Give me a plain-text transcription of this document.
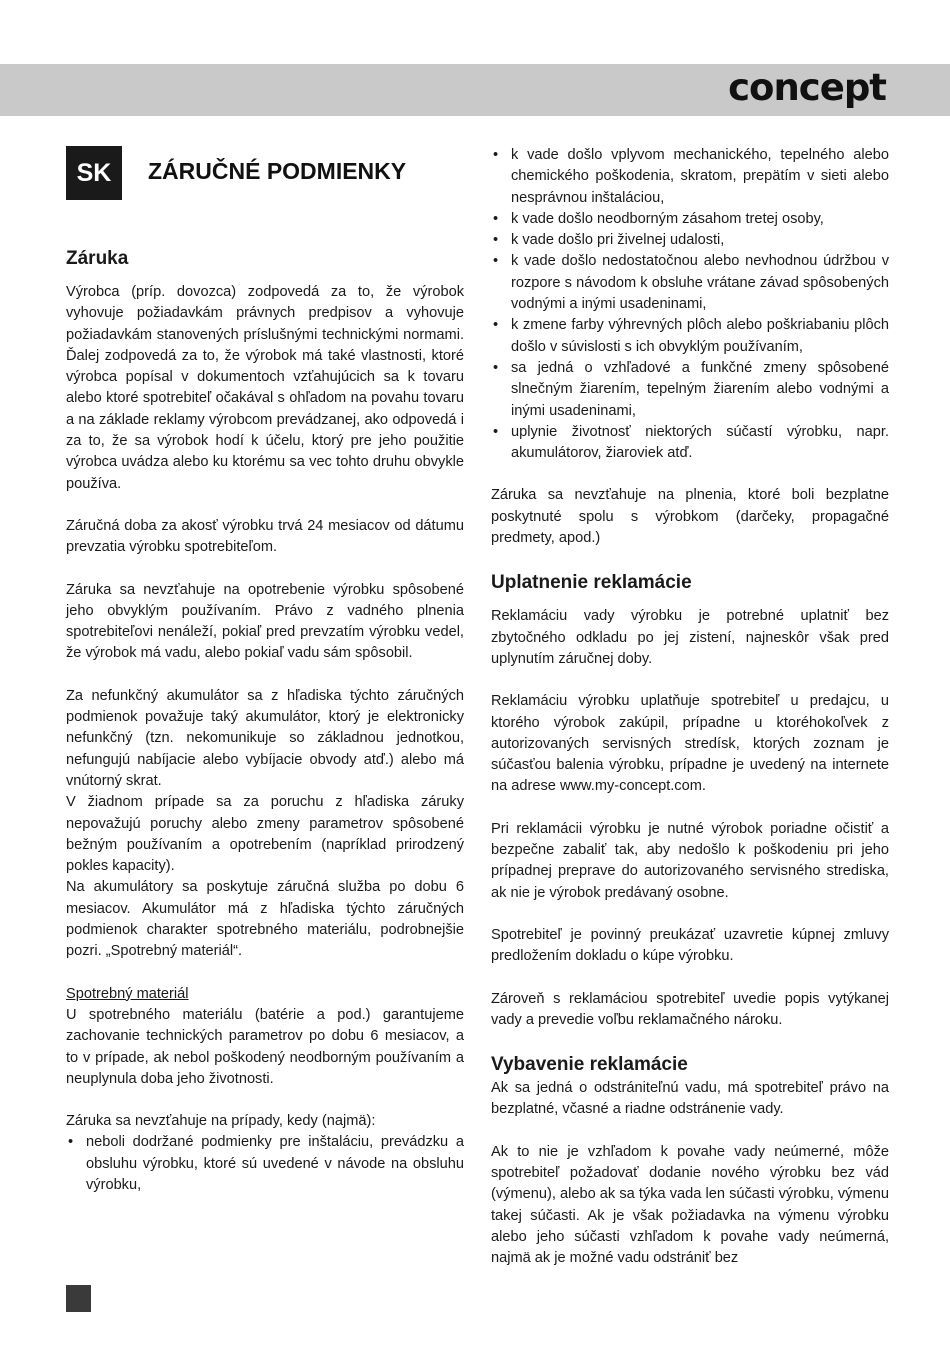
concept
SK	ZÁRUČNÉ PODMIENKY
Záruka

Výrobca (príp. dovozca) zodpovedá za to, že výrobok vyhovuje požiadavkám právnych predpisov a vyhovuje požiadavkám stanovených príslušnými technickými normami. Ďalej zodpovedá za to, že výrobok má také vlastnosti, ktoré výrobca popísal v dokumentoch vzťahujúcich sa k tovaru alebo ktoré spotrebiteľ očakával s ohľadom na povahu tovaru a na základe reklamy výrobcom prevádzanej, ako odpovedá i za to, že sa výrobok hodí k účelu, ktorý pre jeho použitie výrobca uvádza alebo ku ktorému sa vec tohto druhu obvykle používa.

Záručná doba za akosť výrobku trvá 24 mesiacov od dátumu prevzatia výrobku spotrebiteľom.

Záruka sa nevzťahuje na opotrebenie výrobku spôsobené jeho obvyklým používaním. Právo z vadného plnenia spotrebiteľovi nenáleží, pokiaľ pred prevzatím výrobku vedel, že výrobok má vadu, alebo pokiaľ vadu sám spôsobil.

Za nefunkčný akumulátor sa z hľadiska týchto záručných podmienok považuje taký akumulátor, ktorý je elektronicky nefunkčný (tzn. nekomunikuje so základnou jednotkou, nefungujú nabíjacie alebo vybíjacie obvody atď.) alebo má vnútorný skrat.

V žiadnom prípade sa za poruchu z hľadiska záruky nepovažujú poruchy alebo zmeny parametrov spôsobené bežným používaním a opotrebením (napríklad prirodzený pokles kapacity).

Na akumulátory sa poskytuje záručná služba po dobu 6 mesiacov. Akumulátor má z hľadiska týchto záručných podmienok charakter spotrebného materiálu, podrobnejšie pozri. „Spotrebný materiál“.

Spotrebný materiál

U spotrebného materiálu (batérie a pod.) garantujeme zachovanie technických parametrov po dobu 6 mesiacov, a to v prípade, ak nebol poškodený neodborným používaním a neuplynula doba jeho životnosti.

Záruka sa nevzťahuje na prípady, kedy (najmä):

• neboli dodržané podmienky pre inštaláciu, prevádzku a obsluhu výrobku, ktoré sú uvedené v návode na obsluhu výrobku,
• k vade došlo vplyvom mechanického, tepelného alebo chemického poškodenia, skratom, prepätím v sieti alebo nesprávnou inštaláciou,
• k vade došlo neodborným zásahom tretej osoby,
• k vade došlo pri živelnej udalosti,
• k vade došlo nedostatočnou alebo nevhodnou údržbou v rozpore s návodom k obsluhe vrátane závad spôsobených vodnými a inými usadeninami,
• k zmene farby výhrevných plôch alebo poškriabaniu plôch došlo v súvislosti s ich obvyklým používaním,
• sa jedná o vzhľadové a funkčné zmeny spôsobené slnečným žiarením, tepelným žiarením alebo vodnými a inými usadeninami,
• uplynie životnosť niektorých súčastí výrobku, napr. akumulátorov, žiaroviek atď.

Záruka sa nevzťahuje na plnenia, ktoré boli bezplatne poskytnuté spolu s výrobkom (darčeky, propagačné predmety, apod.)

Uplatnenie reklamácie

Reklamáciu vady výrobku je potrebné uplatniť bez zbytočného odkladu po jej zistení, najneskôr však pred uplynutím záručnej doby.

Reklamáciu výrobku uplatňuje spotrebiteľ u predajcu, u ktorého výrobok zakúpil, prípadne u ktoréhokoľvek z autorizovaných servisných stredísk, ktorých zoznam je súčasťou balenia výrobku, prípadne je uvedený na internete na adrese www.my-concept.com.

Pri reklamácii výrobku je nutné výrobok poriadne očistiť a bezpečne zabaliť tak, aby nedošlo k poškodeniu pri jeho prípadnej preprave do autorizovaného servisného strediska, ak nie je výrobok predávaný osobne.

Spotrebiteľ je povinný preukázať uzavretie kúpnej zmluvy predložením dokladu o kúpe výrobku.

Zároveň s reklamáciou spotrebiteľ uvedie popis vytýkanej vady a prevedie voľbu reklamačného nároku.

Vybavenie reklamácie

Ak sa jedná o odstrániteľnú vadu, má spotrebiteľ právo na bezplatné, včasné a riadne odstránenie vady.

Ak to nie je vzhľadom k povahe vady neúmerné, môže spotrebiteľ požadovať dodanie nového výrobku bez vád (výmenu), alebo ak sa týka vada len súčasti výrobku, výmenu takej súčasti. Ak je však požiadavka na výmenu výrobku alebo jeho súčasti vzhľadom k povahe vady neúmerná, najmä ak je možné vadu odstrániť bez
